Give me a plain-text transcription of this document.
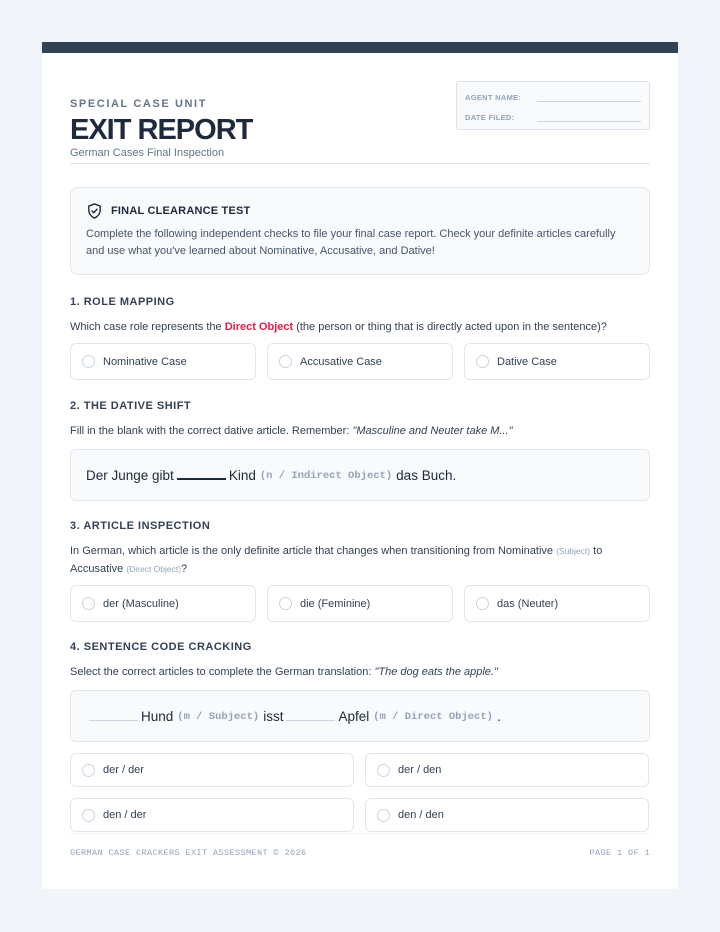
SPECIAL CASE UNIT
EXIT REPORT
German Cases Final Inspection
AGENT NAME:
DATE FILED:
FINAL CLEARANCE TEST
Complete the following independent checks to file your final case report. Check your definite articles carefully and use what you've learned about Nominative, Accusative, and Dative!
1. ROLE MAPPING
Which case role represents the Direct Object (the person or thing that is directly acted upon in the sentence)?
Nominative Case	Accusative Case	Dative Case
2. THE DATIVE SHIFT
Fill in the blank with the correct dative article. Remember: "Masculine and Neuter take M..."
Der Junge gibt	Kind (n / Indirect Object) das Buch.
3. ARTICLE INSPECTION
In German, which article is the only definite article that changes when transitioning from Nominative (Subject) to Accusative (Direct Object)?
der (Masculine)	die (Feminine)	das (Neuter)
4. SENTENCE CODE CRACKING
Select the correct articles to complete the German translation: "The dog eats the apple."
Hund (m / Subject) isst	Apfel (m / Direct Object) .
der / der	der / den
den / der	den / den
GERMAN CASE CRACKERS EXIT ASSESSMENT © 2026	PAGE 1 OF 1
